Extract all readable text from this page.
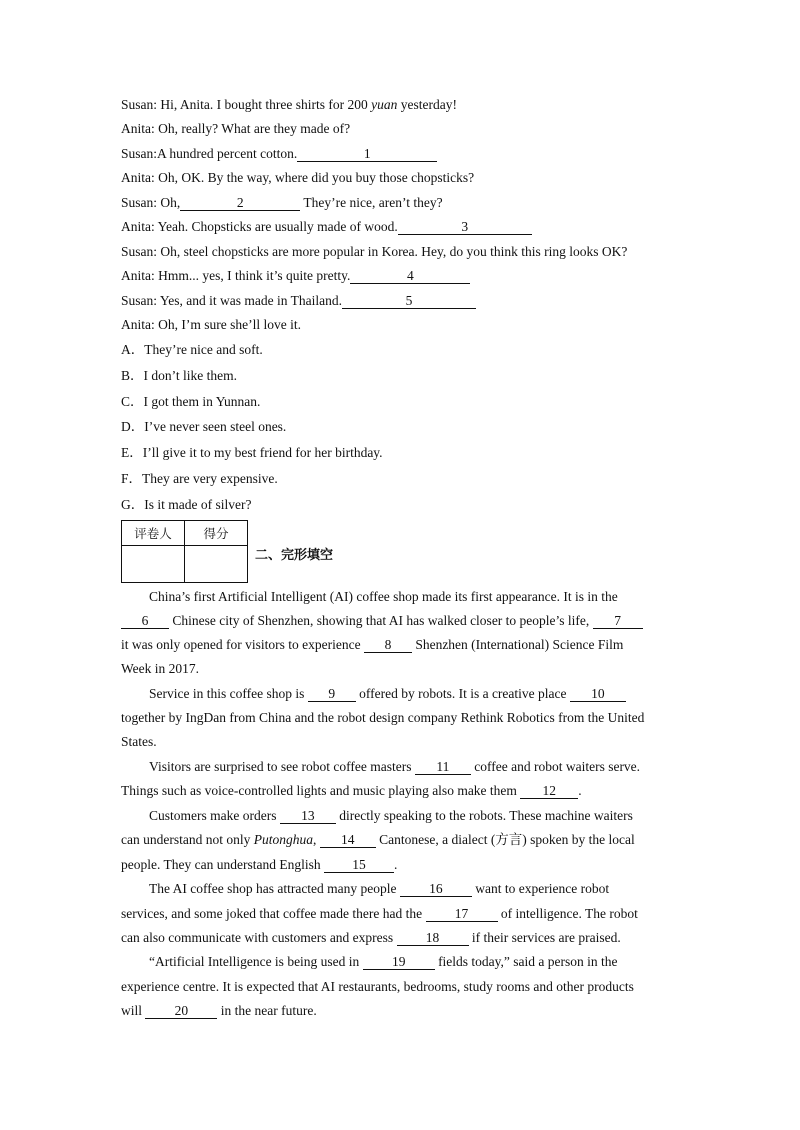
Susan: Hi, Anita. I bought three shirts for 200 yuan yesterday!
Anita: Oh, really? What are they made of?
Susan:A hundred percent cotton.	1
Anita: Oh, OK. By the way, where did you buy those chopsticks?
Susan: Oh,	2	They’re nice, aren’t they?
Anita: Yeah. Chopsticks are usually made of wood.	3
Susan: Oh, steel chopsticks are more popular in Korea. Hey, do you think this ring looks OK?
Anita: Hmm... yes, I think it’s quite pretty.	4
Susan: Yes, and it was made in Thailand.	5
Anita: Oh, I’m sure she’ll love it.
A．They’re nice and soft.
B．I don’t like them.
C．I got them in Yunnan.
D．I’ve never seen steel ones.
E．I’ll give it to my best friend for her birthday.
F．They are very expensive.
G．Is it made of silver?
评卷人	得分

二、完形填空
China’s first Artificial Intelligent (AI) coffee shop made its first appearance. It is in the
6 Chinese city of Shenzhen, showing that AI has walked closer to people’s life, 7
it was only opened for visitors to experience 8 Shenzhen (International) Science Film
Week in 2017.
Service in this coffee shop is 9 offered by robots. It is a creative place 10
together by IngDan from China and the robot design company Rethink Robotics from the United
States.
Visitors are surprised to see robot coffee masters 11 coffee and robot waiters serve.
Things such as voice-controlled lights and music playing also make them 12 .
Customers make orders 13 directly speaking to the robots. These machine waiters
can understand not only Putonghua, 14 Cantonese, a dialect (方言) spoken by the local
people. They can understand English 15 .
The AI coffee shop has attracted many people 16 want to experience robot
services, and some joked that coffee made there had the 17 of intelligence. The robot
can also communicate with customers and express 18 if their services are praised.
“Artificial Intelligence is being used in 19 fields today,” said a person in the
experience centre. It is expected that AI restaurants, bedrooms, study rooms and other products
will 20 in the near future.
